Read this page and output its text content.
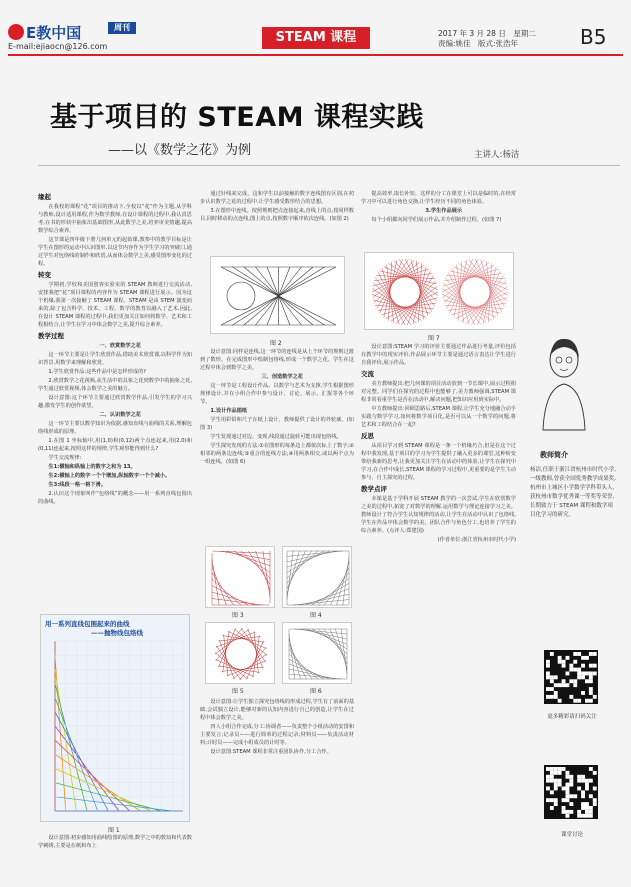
E教中国	周刊
E-mail:ejiaocn@126.com
STEAM 课程	2017 年 3 月 28 日　星期二
责编:姚佳　版式:张浩年	B5
基于项目的 STEAM 课程实践
——以《数学之花》为例	主讲人:杨洁
缘起

在我校的课程“花”项目的推动下,全校以“花”作为主题,从学科与教师,设计适用课程,作为数学教师,在设计课程的过程中,我认真思考,在书的形状中抽象出基础图形,从此数学之美,培养审美情趣,提高数学综合素养。

这节课是四年级下册几何单元的起始课,教参中的教学目标是让学生在图形的运动中认识图形,以这节内容作为学生学习的突破口,通过学生对包络线的制作和欣赏,从而体会数学之美,感受图形变化的过程。

转变

学期初,学校和美国创客实验室的 STEAM 教师进行交流活动,安排我把“花”项目课程的内容作为 STEAM 课程进行展示。因为这个机缘,我第一次接触了 STEAM 课程。STEAM 是由 STEM 演变而来的,除了包含科学、技术、工程、数学的教育以融入了艺术,因此,在设计 STEAM 课程的过程中,我们更加关注如何将数学、艺术和工程相结合,让学生在学习中体会数学之美,提升综合素养。

教学过程

一、欣赏数学之花

这一环节主要是让学生欣赏作品,借助美术欣赏课,以科学作为知识背景,用数学来理解和欣赏。

1.学生欣赏作品:这些作品中是怎样形成的?

2.欣赏数学之花视频,从生活中的具象之花到数学中的抽象之花,学生通过欣赏视频,体会数学之美的魅力。

设计意图:这个环节主要通过欣赏数学作品,引发学生的学习兴趣,激发学生的创作欲望。

二、认识数学之花

这一环节主要以数学知识为依据,感知直线与曲线的关系,理解包络线形成的原理。

1.在图 1 坐标轴中,用(1,0)和(0,12)两个点连起来,用(2,0)和(0,11)连起来,按照这样的规律,学生观察能得到什么?

学生交流规律:

生1:横轴和纵轴上的数字之和为 13。

生2:横轴上的数字一个个增加,纵轴数字一个个减小。

生3:线段一格一格下滑。

2.认识这个现象叫作“包络线”的概念——用一系列直线包围出的曲线。

用一系列直线包围起来的曲线
——抛物线包络线
图 1

设计意图:初步感知用曲线绘图的原理,数学之中的数知和代表数学刺绣,主要是在纸和布上

通过针线来完成。这和学生以前接触的数字连线图有区别,在初步认识数学之花的过程中,让学生感受数形结合的思想。

3.在图形中连线。按照规则把点连接起来,直线上的点,按同样数目,同时移动的点连线,图上的点,按照数字顺序依次连线。(如图 2)

图 2

设计意图:同样是连线,这一环节的连线是从上个环节的规则过渡到了数形。在完成图形中绘制包络线,形成一个数学之花。学生在这过程中体会到数学之美。

三、创造数学之花

这一环节是工程设计作品。以数学与艺术为支撑,学生根据图形规律设计,并在小组合作中参与设计、讨论、展示、汇报等各个环节。

1.设计作品图纸

学生用彩铅和尺子在纸上设计、教师提供了设计的外轮廓。(如图 3)

学生发现通过对边、变现,线段通过旋转可能出现包络线。

学生探究发现的方法:①在图形的每条边上都依次标上了数字;②相邻的两条边连线;③重合的连线方法;④用两条相交,或以两个点为一组连线。(如图 6)

图 3	图 4
图 5	图 6

设计意图:让学生独立探究包络线的形成过程,学生有了前面的基础,会试独立设计,能够对新的认知内容进行自己的创造,让学生在过程中体会数学之美。

四人小组合作完成,分工:协调者——负责整个小组活动的安排和主要发言;记录员——进行简单的过程记录;材料员——负责活动材料;计时员——完成小组成员的计时等。

设计意图:STEAM 课程非常注重团队协作,分工合作。

提高效率,取长补短。这样的分工在课堂上可以是临时的,在经常学习中可以进行角色交换,让学生经历不同的角色体验。

3.学生作品展示

每个小组都向同学们展示作品,并介绍制作过程。(如图 7)

图 7

设计意图:STEAM 学习的评价主要通过作品进行考量,评价包括在教学中的现实评价,作品展示环节主要是通过语言表达让学生进行自我评价,展示作品。

交流

美方教师提出:把几何课的项目活动放到一节长课中,展示过程相对完整。同学们在探究的过程中也能够了,美方教师强调,STEAM 课程非常看重学生是否在活动中,解决问题,把知识应用到实际中。

中方教师提出:回顾思路后,STEAM 课程,让学生充分地融合动手实践与数学学习,如何将数学项目化,是否可以从一个数学的问题,将艺术和工程结合在一起?

反思

从项目学习到 STEAM 课程是一条一个机缘巧合,但是在这个过程中我发现,基于项目的学习为学生提供了融入更多的课堂,这种转变带给我新的思考,让我更加关注学生在活动中的体验,让学生在探究中学习,在合作中成长,STEAM 课程的学习过程中,更重要的是学生主动参与、自主探究的过程。

教学点评

本课是基于学科开展 STEAM 教学的一次尝试,学生在欣赏数学之美的过程中,拓宽了对数学的理解,运用数学与理论连接学习之美。教师设计了符合学生认知规律的活动,让学生在活动中认识了包络线,学生在作品中体会数学的美。团队合作与角色分工,也培养了学生的综合素养。(点评人:郑建国)

(作者单位:浙江省杭州市时代小学)

教师简介
杨洁,任职于浙江省杭州市时代小学,一级教师,曾获全国优秀教学成果奖,杭州市上城区小学数学学科带头人,获杭州市数学优秀课一等奖等荣誉,长期致力于 STEAM 课程和数学项目化学习的研究。
更多精彩请扫码关注
课堂讨论
